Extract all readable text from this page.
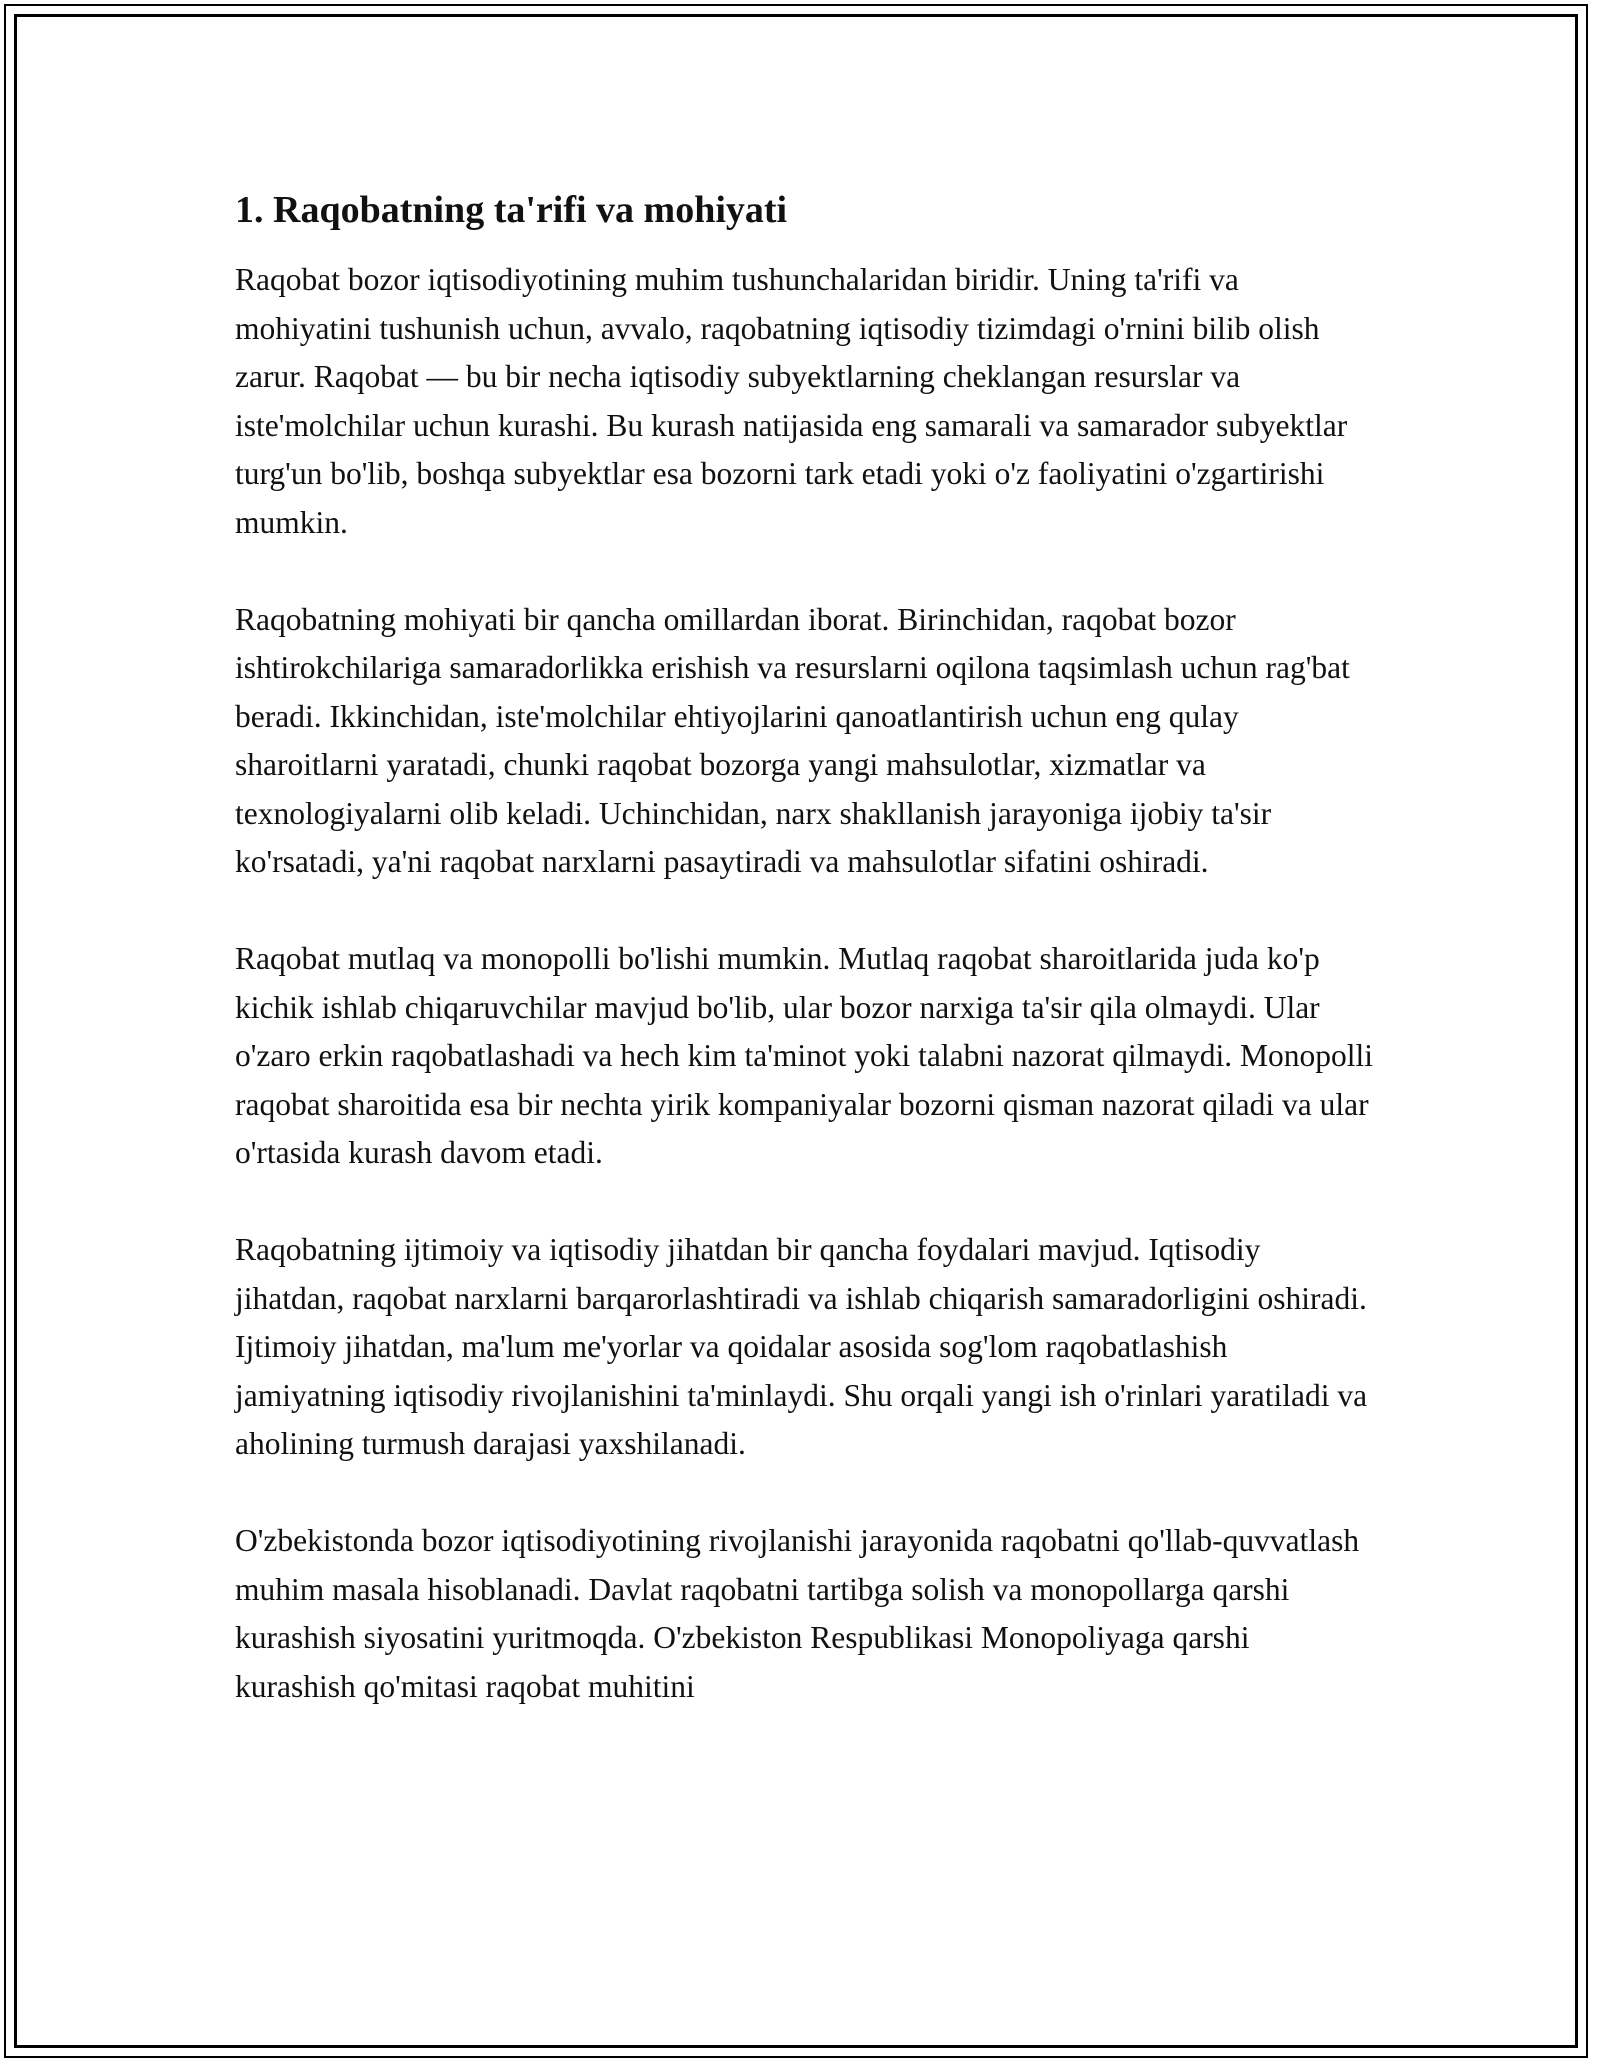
1. Raqobatning ta'rifi va mohiyati

Raqobat bozor iqtisodiyotining muhim tushunchalaridan biridir. Uning ta'rifi va mohiyatini tushunish uchun, avvalo, raqobatning iqtisodiy tizimdagi o'rnini bilib olish zarur. Raqobat — bu bir necha iqtisodiy subyektlarning cheklangan resurslar va iste'molchilar uchun kurashi. Bu kurash natijasida eng samarali va samarador subyektlar turg'un bo'lib, boshqa subyektlar esa bozorni tark etadi yoki o'z faoliyatini o'zgartirishi mumkin.

Raqobatning mohiyati bir qancha omillardan iborat. Birinchidan, raqobat bozor ishtirokchilariga samaradorlikka erishish va resurslarni oqilona taqsimlash uchun rag'bat beradi. Ikkinchidan, iste'molchilar ehtiyojlarini qanoatlantirish uchun eng qulay sharoitlarni yaratadi, chunki raqobat bozorga yangi mahsulotlar, xizmatlar va texnologiyalarni olib keladi. Uchinchidan, narx shakllanish jarayoniga ijobiy ta'sir ko'rsatadi, ya'ni raqobat narxlarni pasaytiradi va mahsulotlar sifatini oshiradi.

Raqobat mutlaq va monopolli bo'lishi mumkin. Mutlaq raqobat sharoitlarida juda ko'p kichik ishlab chiqaruvchilar mavjud bo'lib, ular bozor narxiga ta'sir qila olmaydi. Ular o'zaro erkin raqobatlashadi va hech kim ta'minot yoki talabni nazorat qilmaydi. Monopolli raqobat sharoitida esa bir nechta yirik kompaniyalar bozorni qisman nazorat qiladi va ular o'rtasida kurash davom etadi.

Raqobatning ijtimoiy va iqtisodiy jihatdan bir qancha foydalari mavjud. Iqtisodiy jihatdan, raqobat narxlarni barqarorlashtiradi va ishlab chiqarish samaradorligini oshiradi. Ijtimoiy jihatdan, ma'lum me'yorlar va qoidalar asosida sog'lom raqobatlashish jamiyatning iqtisodiy rivojlanishini ta'minlaydi. Shu orqali yangi ish o'rinlari yaratiladi va aholining turmush darajasi yaxshilanadi.

O'zbekistonda bozor iqtisodiyotining rivojlanishi jarayonida raqobatni qo'llab-quvvatlash muhim masala hisoblanadi. Davlat raqobatni tartibga solish va monopollarga qarshi kurashish siyosatini yuritmoqda. O'zbekiston Respublikasi Monopoliyaga qarshi kurashish qo'mitasi raqobat muhitini
